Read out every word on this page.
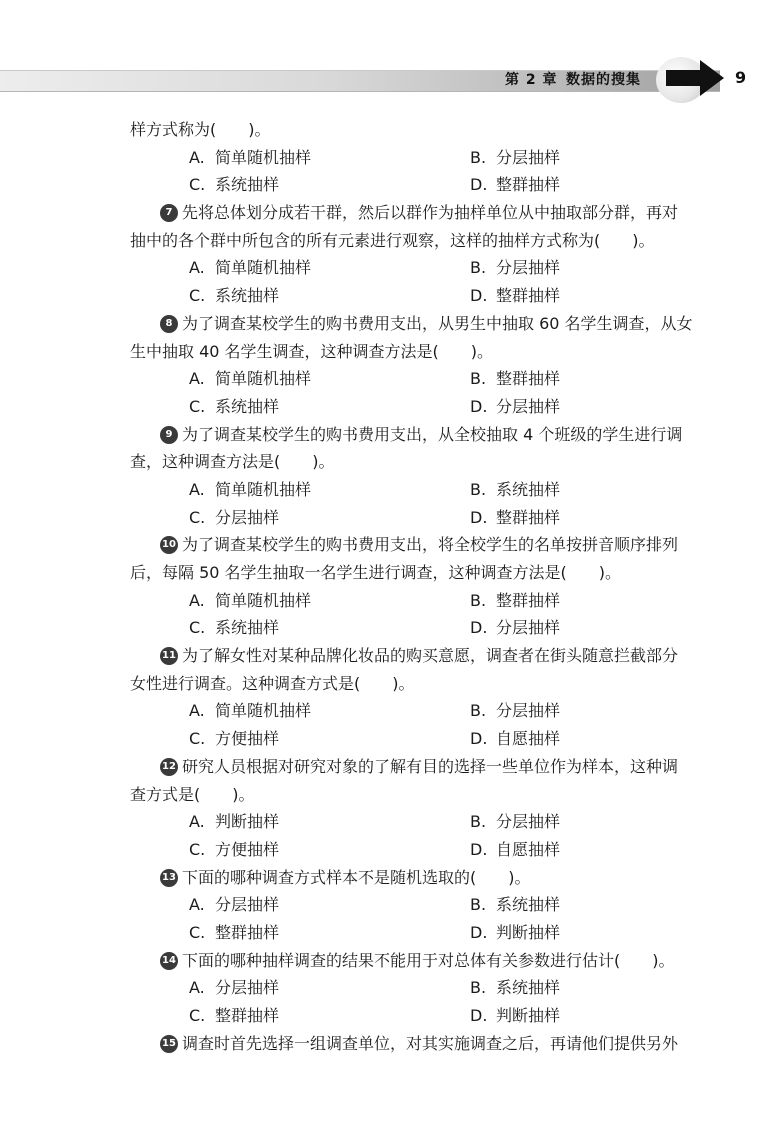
第 2 章 数据的搜集	9
样方式称为(　　)。
A. 简单随机抽样	B. 分层抽样
C. 系统抽样	D. 整群抽样
7 先将总体划分成若干群，然后以群作为抽样单位从中抽取部分群，再对
抽中的各个群中所包含的所有元素进行观察，这样的抽样方式称为(　　)。
A. 简单随机抽样	B. 分层抽样
C. 系统抽样	D. 整群抽样
8 为了调查某校学生的购书费用支出，从男生中抽取 60 名学生调查，从女
生中抽取 40 名学生调查，这种调查方法是(　　)。
A. 简单随机抽样	B. 整群抽样
C. 系统抽样	D. 分层抽样
9 为了调查某校学生的购书费用支出，从全校抽取 4 个班级的学生进行调
查，这种调查方法是(　　)。
A. 简单随机抽样	B. 系统抽样
C. 分层抽样	D. 整群抽样
10 为了调查某校学生的购书费用支出，将全校学生的名单按拼音顺序排列
后，每隔 50 名学生抽取一名学生进行调查，这种调查方法是(　　)。
A. 简单随机抽样	B. 整群抽样
C. 系统抽样	D. 分层抽样
11 为了解女性对某种品牌化妆品的购买意愿，调查者在街头随意拦截部分
女性进行调查。这种调查方式是(　　)。
A. 简单随机抽样	B. 分层抽样
C. 方便抽样	D. 自愿抽样
12 研究人员根据对研究对象的了解有目的选择一些单位作为样本，这种调
查方式是(　　)。
A. 判断抽样	B. 分层抽样
C. 方便抽样	D. 自愿抽样
13 下面的哪种调查方式样本不是随机选取的(　　)。
A. 分层抽样	B. 系统抽样
C. 整群抽样	D. 判断抽样
14 下面的哪种抽样调查的结果不能用于对总体有关参数进行估计(　　)。
A. 分层抽样	B. 系统抽样
C. 整群抽样	D. 判断抽样
15 调查时首先选择一组调查单位，对其实施调查之后，再请他们提供另外
